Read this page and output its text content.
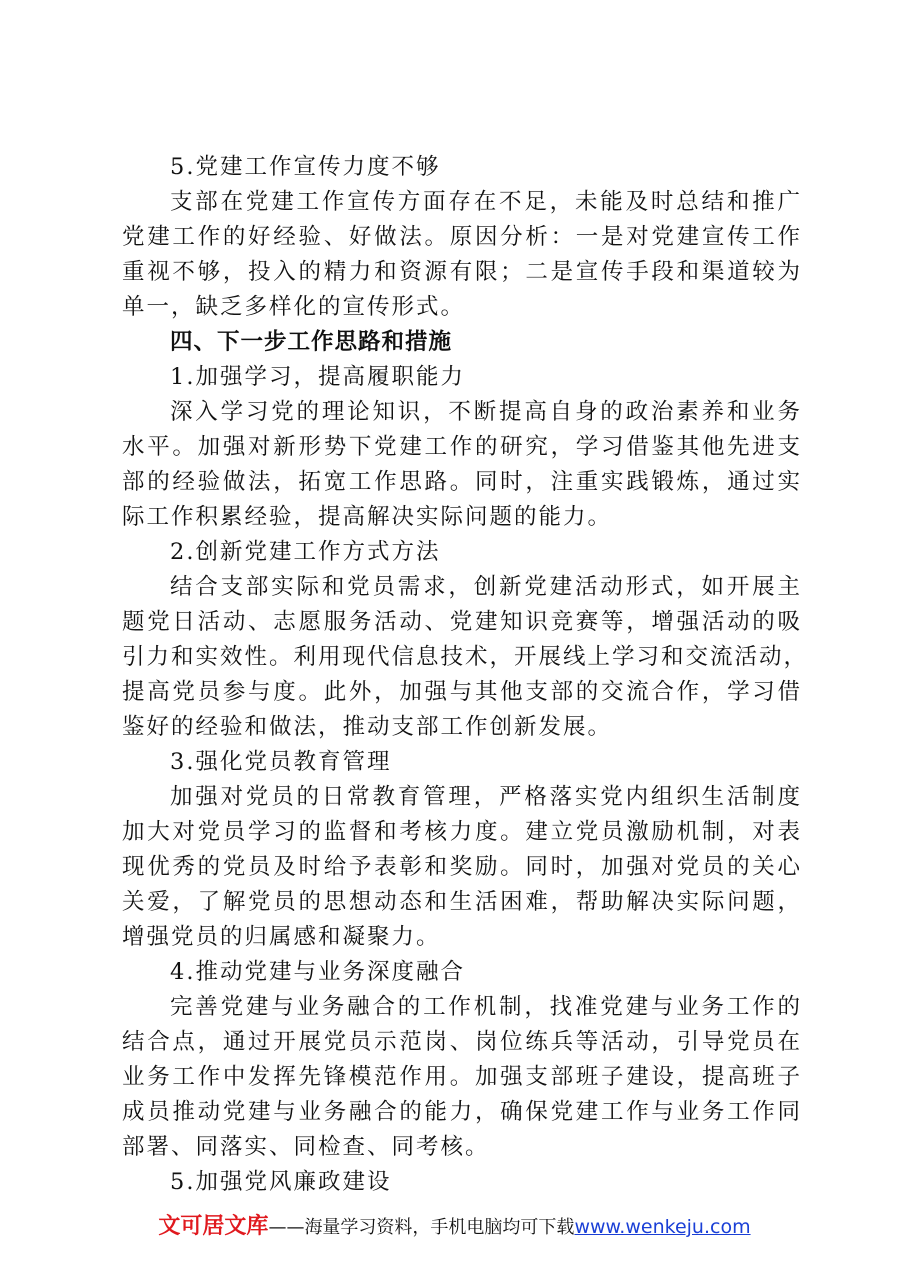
5.党建工作宣传力度不够
支部在党建工作宣传方面存在不足，未能及时总结和推广
党建工作的好经验、好做法。原因分析：一是对党建宣传工作
重视不够，投入的精力和资源有限；二是宣传手段和渠道较为
单一，缺乏多样化的宣传形式。
四、下一步工作思路和措施
1.加强学习，提高履职能力
深入学习党的理论知识，不断提高自身的政治素养和业务
水平。加强对新形势下党建工作的研究，学习借鉴其他先进支
部的经验做法，拓宽工作思路。同时，注重实践锻炼，通过实
际工作积累经验，提高解决实际问题的能力。
2.创新党建工作方式方法
结合支部实际和党员需求，创新党建活动形式，如开展主
题党日活动、志愿服务活动、党建知识竞赛等，增强活动的吸
引力和实效性。利用现代信息技术，开展线上学习和交流活动，
提高党员参与度。此外，加强与其他支部的交流合作，学习借
鉴好的经验和做法，推动支部工作创新发展。
3.强化党员教育管理
加强对党员的日常教育管理，严格落实党内组织生活制度
加大对党员学习的监督和考核力度。建立党员激励机制，对表
现优秀的党员及时给予表彰和奖励。同时，加强对党员的关心
关爱，了解党员的思想动态和生活困难，帮助解决实际问题，
增强党员的归属感和凝聚力。
4.推动党建与业务深度融合
完善党建与业务融合的工作机制，找准党建与业务工作的
结合点，通过开展党员示范岗、岗位练兵等活动，引导党员在
业务工作中发挥先锋模范作用。加强支部班子建设，提高班子
成员推动党建与业务融合的能力，确保党建工作与业务工作同
部署、同落实、同检查、同考核。
5.加强党风廉政建设
文可居文库——海量学习资料，手机电脑均可下载www.wenkeju.com
